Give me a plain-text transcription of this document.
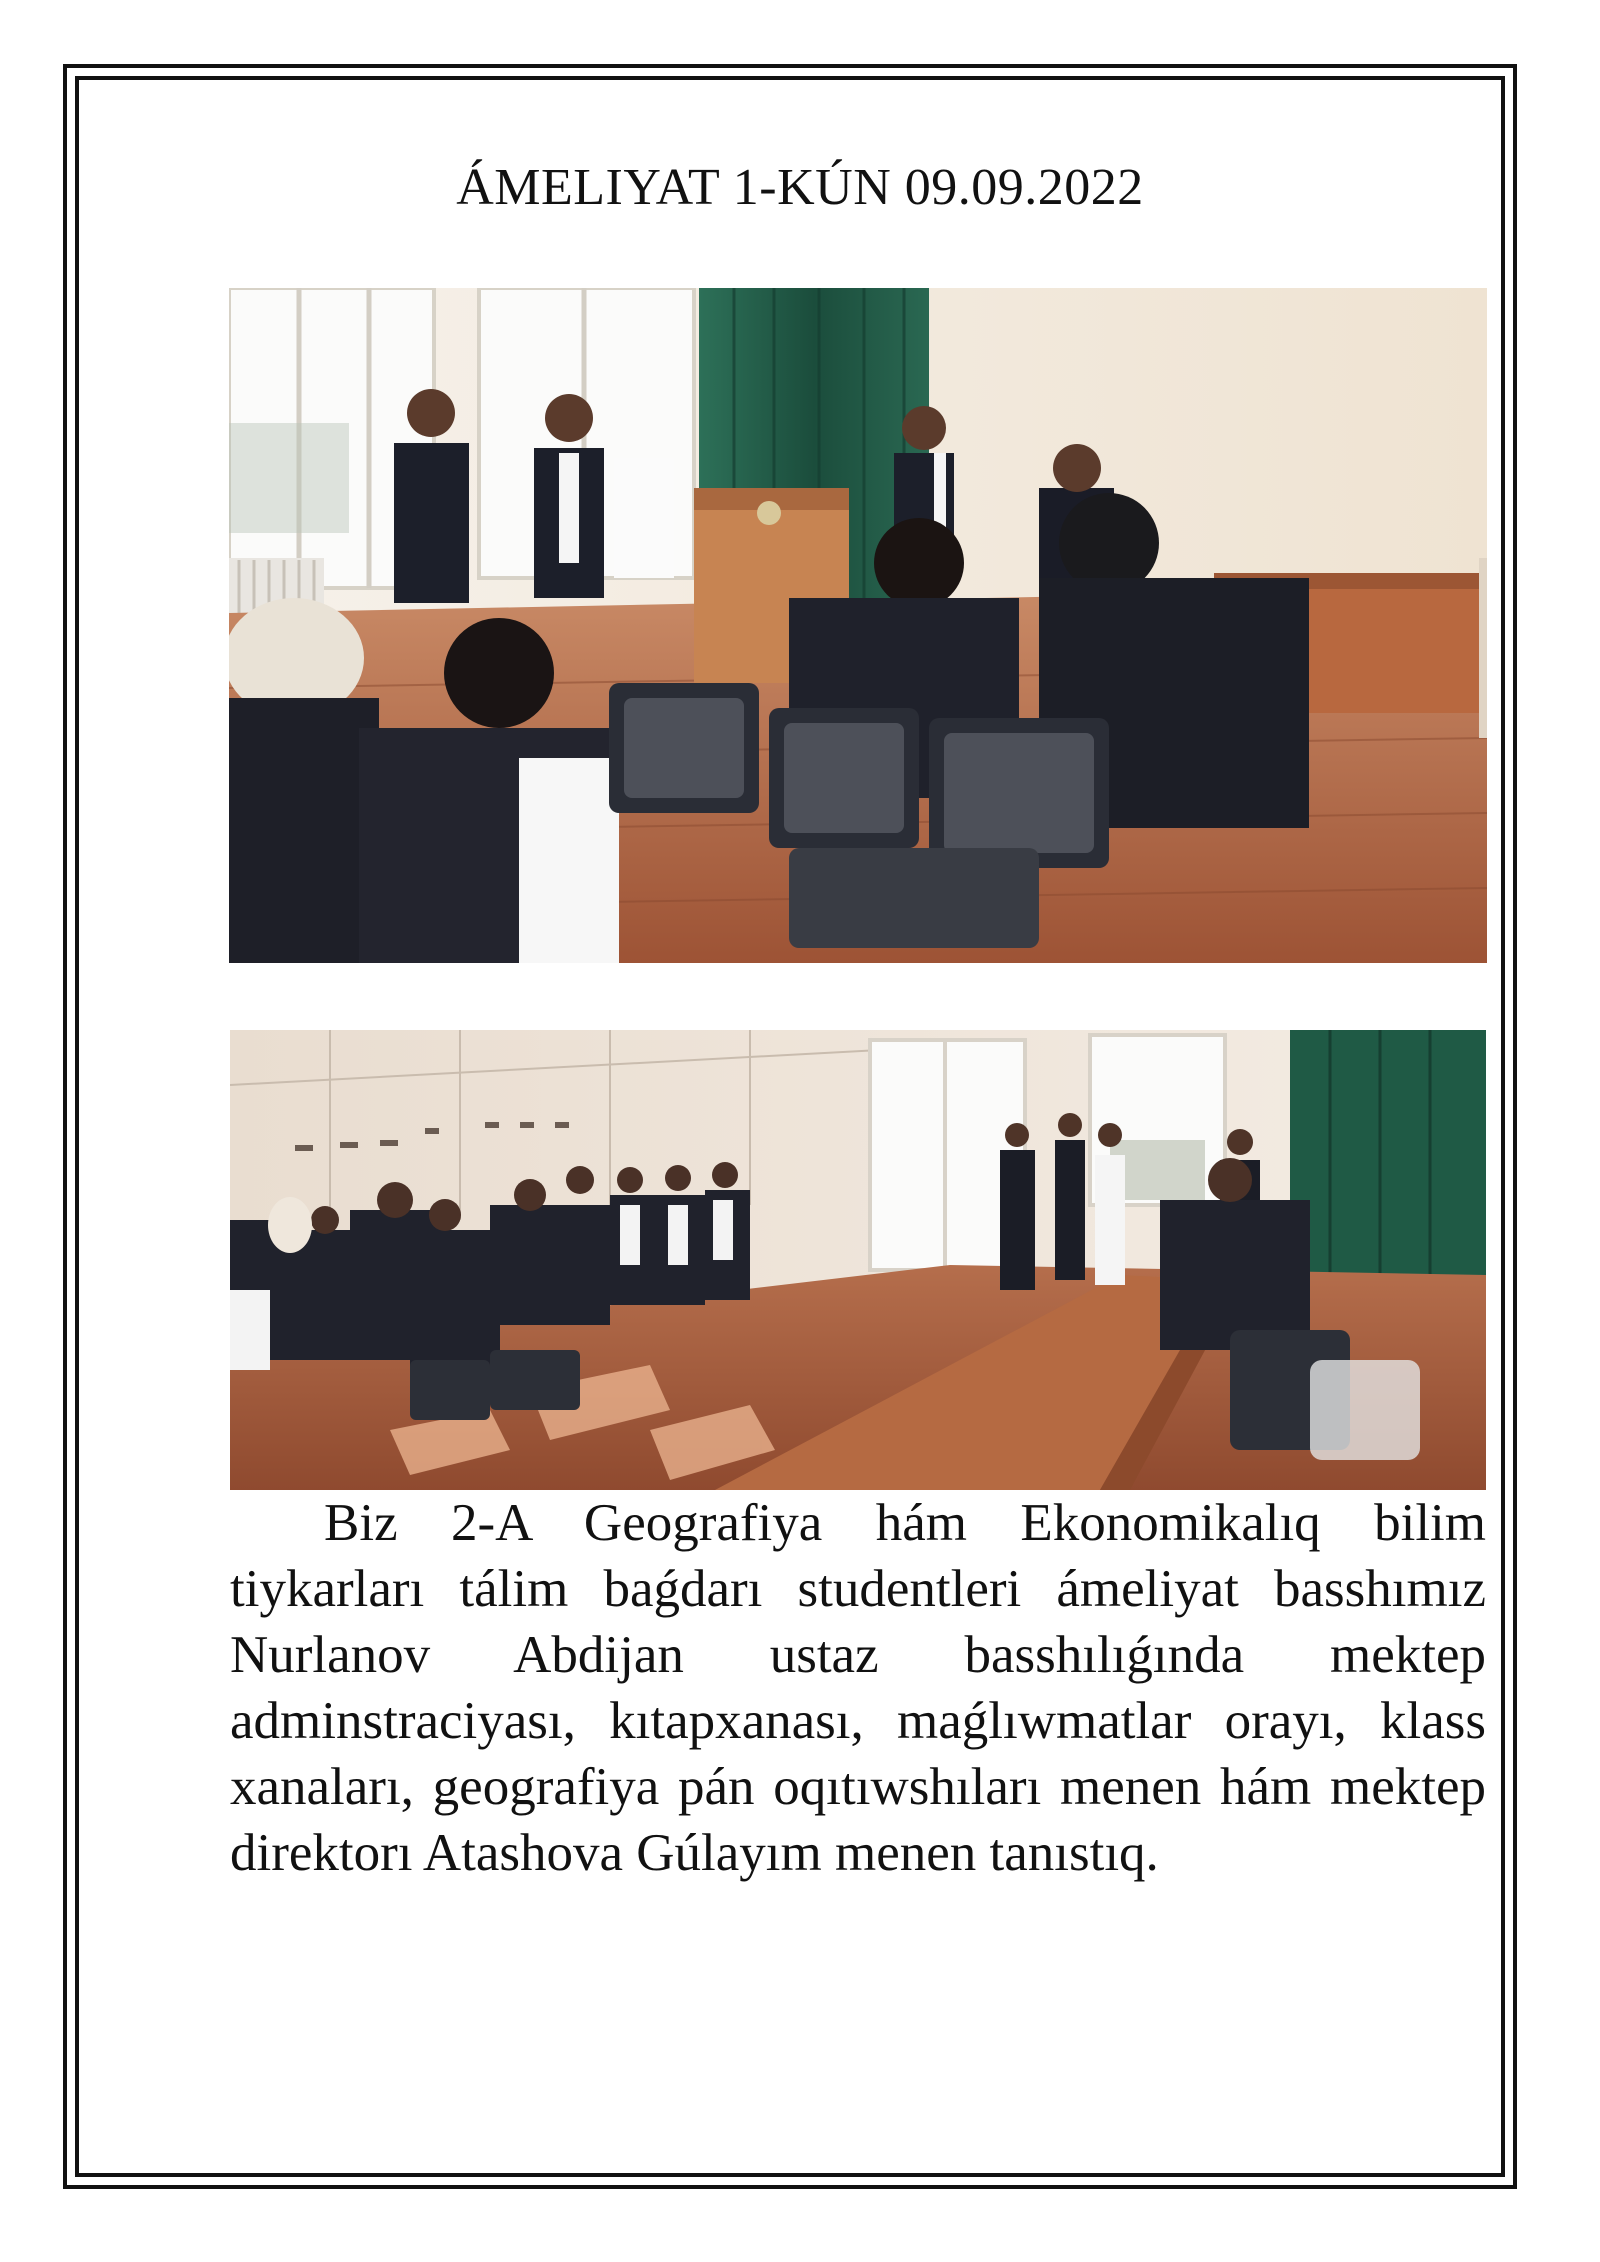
ÁMELIYAT 1-KÚN 09.09.2022

Biz 2-A Geografiya hám Ekonomikalıq bilim tiykarları tálim baǵdarı studentleri ámeliyat basshımız Nurlanov Abdijan ustaz basshılıǵında mektep adminstraciyası, kıtapxanası, maǵlıwmatlar orayı, klass xanaları, geografiya pán oqıtıwshıları menen hám mektep direktorı Atashova Gúlayım menen tanıstıq.
